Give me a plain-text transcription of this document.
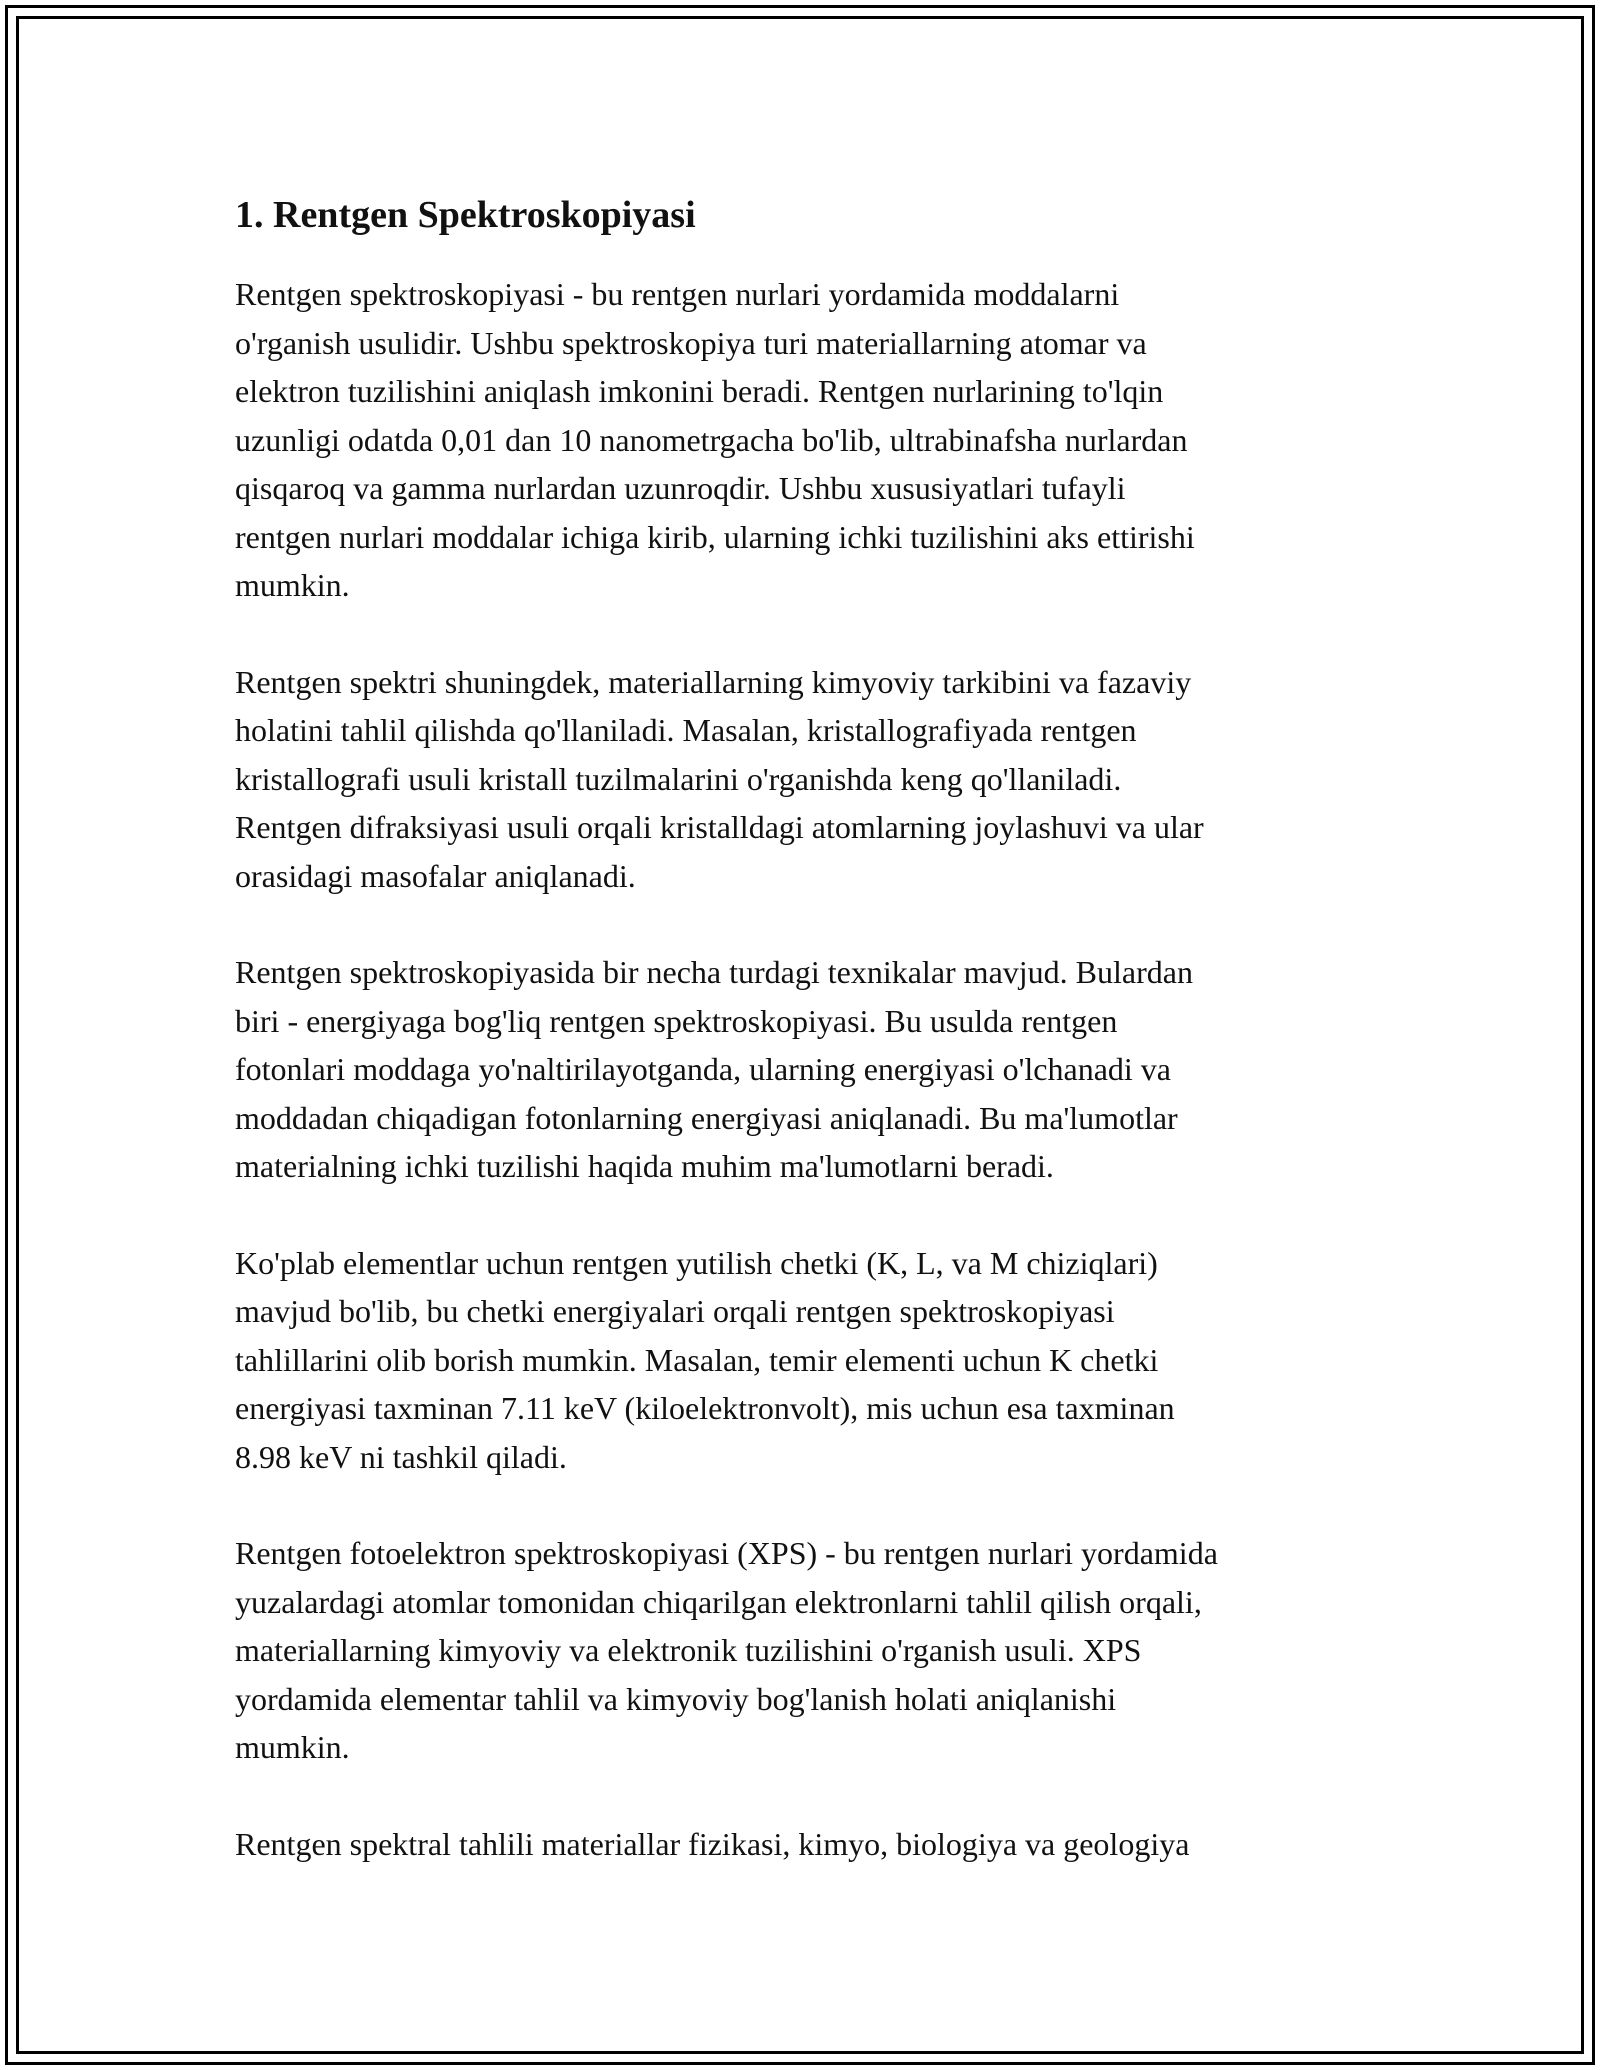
1. Rentgen Spektroskopiyasi

Rentgen spektroskopiyasi - bu rentgen nurlari yordamida moddalarni
o'rganish usulidir. Ushbu spektroskopiya turi materiallarning atomar va
elektron tuzilishini aniqlash imkonini beradi. Rentgen nurlarining to'lqin
uzunligi odatda 0,01 dan 10 nanometrgacha bo'lib, ultrabinafsha nurlardan
qisqaroq va gamma nurlardan uzunroqdir. Ushbu xususiyatlari tufayli
rentgen nurlari moddalar ichiga kirib, ularning ichki tuzilishini aks ettirishi
mumkin.

Rentgen spektri shuningdek, materiallarning kimyoviy tarkibini va fazaviy
holatini tahlil qilishda qo'llaniladi. Masalan, kristallografiyada rentgen
kristallografi usuli kristall tuzilmalarini o'rganishda keng qo'llaniladi.
Rentgen difraksiyasi usuli orqali kristalldagi atomlarning joylashuvi va ular
orasidagi masofalar aniqlanadi.

Rentgen spektroskopiyasida bir necha turdagi texnikalar mavjud. Bulardan
biri - energiyaga bog'liq rentgen spektroskopiyasi. Bu usulda rentgen
fotonlari moddaga yo'naltirilayotganda, ularning energiyasi o'lchanadi va
moddadan chiqadigan fotonlarning energiyasi aniqlanadi. Bu ma'lumotlar
materialning ichki tuzilishi haqida muhim ma'lumotlarni beradi.

Ko'plab elementlar uchun rentgen yutilish chetki (K, L, va M chiziqlari)
mavjud bo'lib, bu chetki energiyalari orqali rentgen spektroskopiyasi
tahlillarini olib borish mumkin. Masalan, temir elementi uchun K chetki
energiyasi taxminan 7.11 keV (kiloelektronvolt), mis uchun esa taxminan
8.98 keV ni tashkil qiladi.

Rentgen fotoelektron spektroskopiyasi (XPS) - bu rentgen nurlari yordamida
yuzalardagi atomlar tomonidan chiqarilgan elektronlarni tahlil qilish orqali,
materiallarning kimyoviy va elektronik tuzilishini o'rganish usuli. XPS
yordamida elementar tahlil va kimyoviy bog'lanish holati aniqlanishi
mumkin.

Rentgen spektral tahlili materiallar fizikasi, kimyo, biologiya va geologiya
